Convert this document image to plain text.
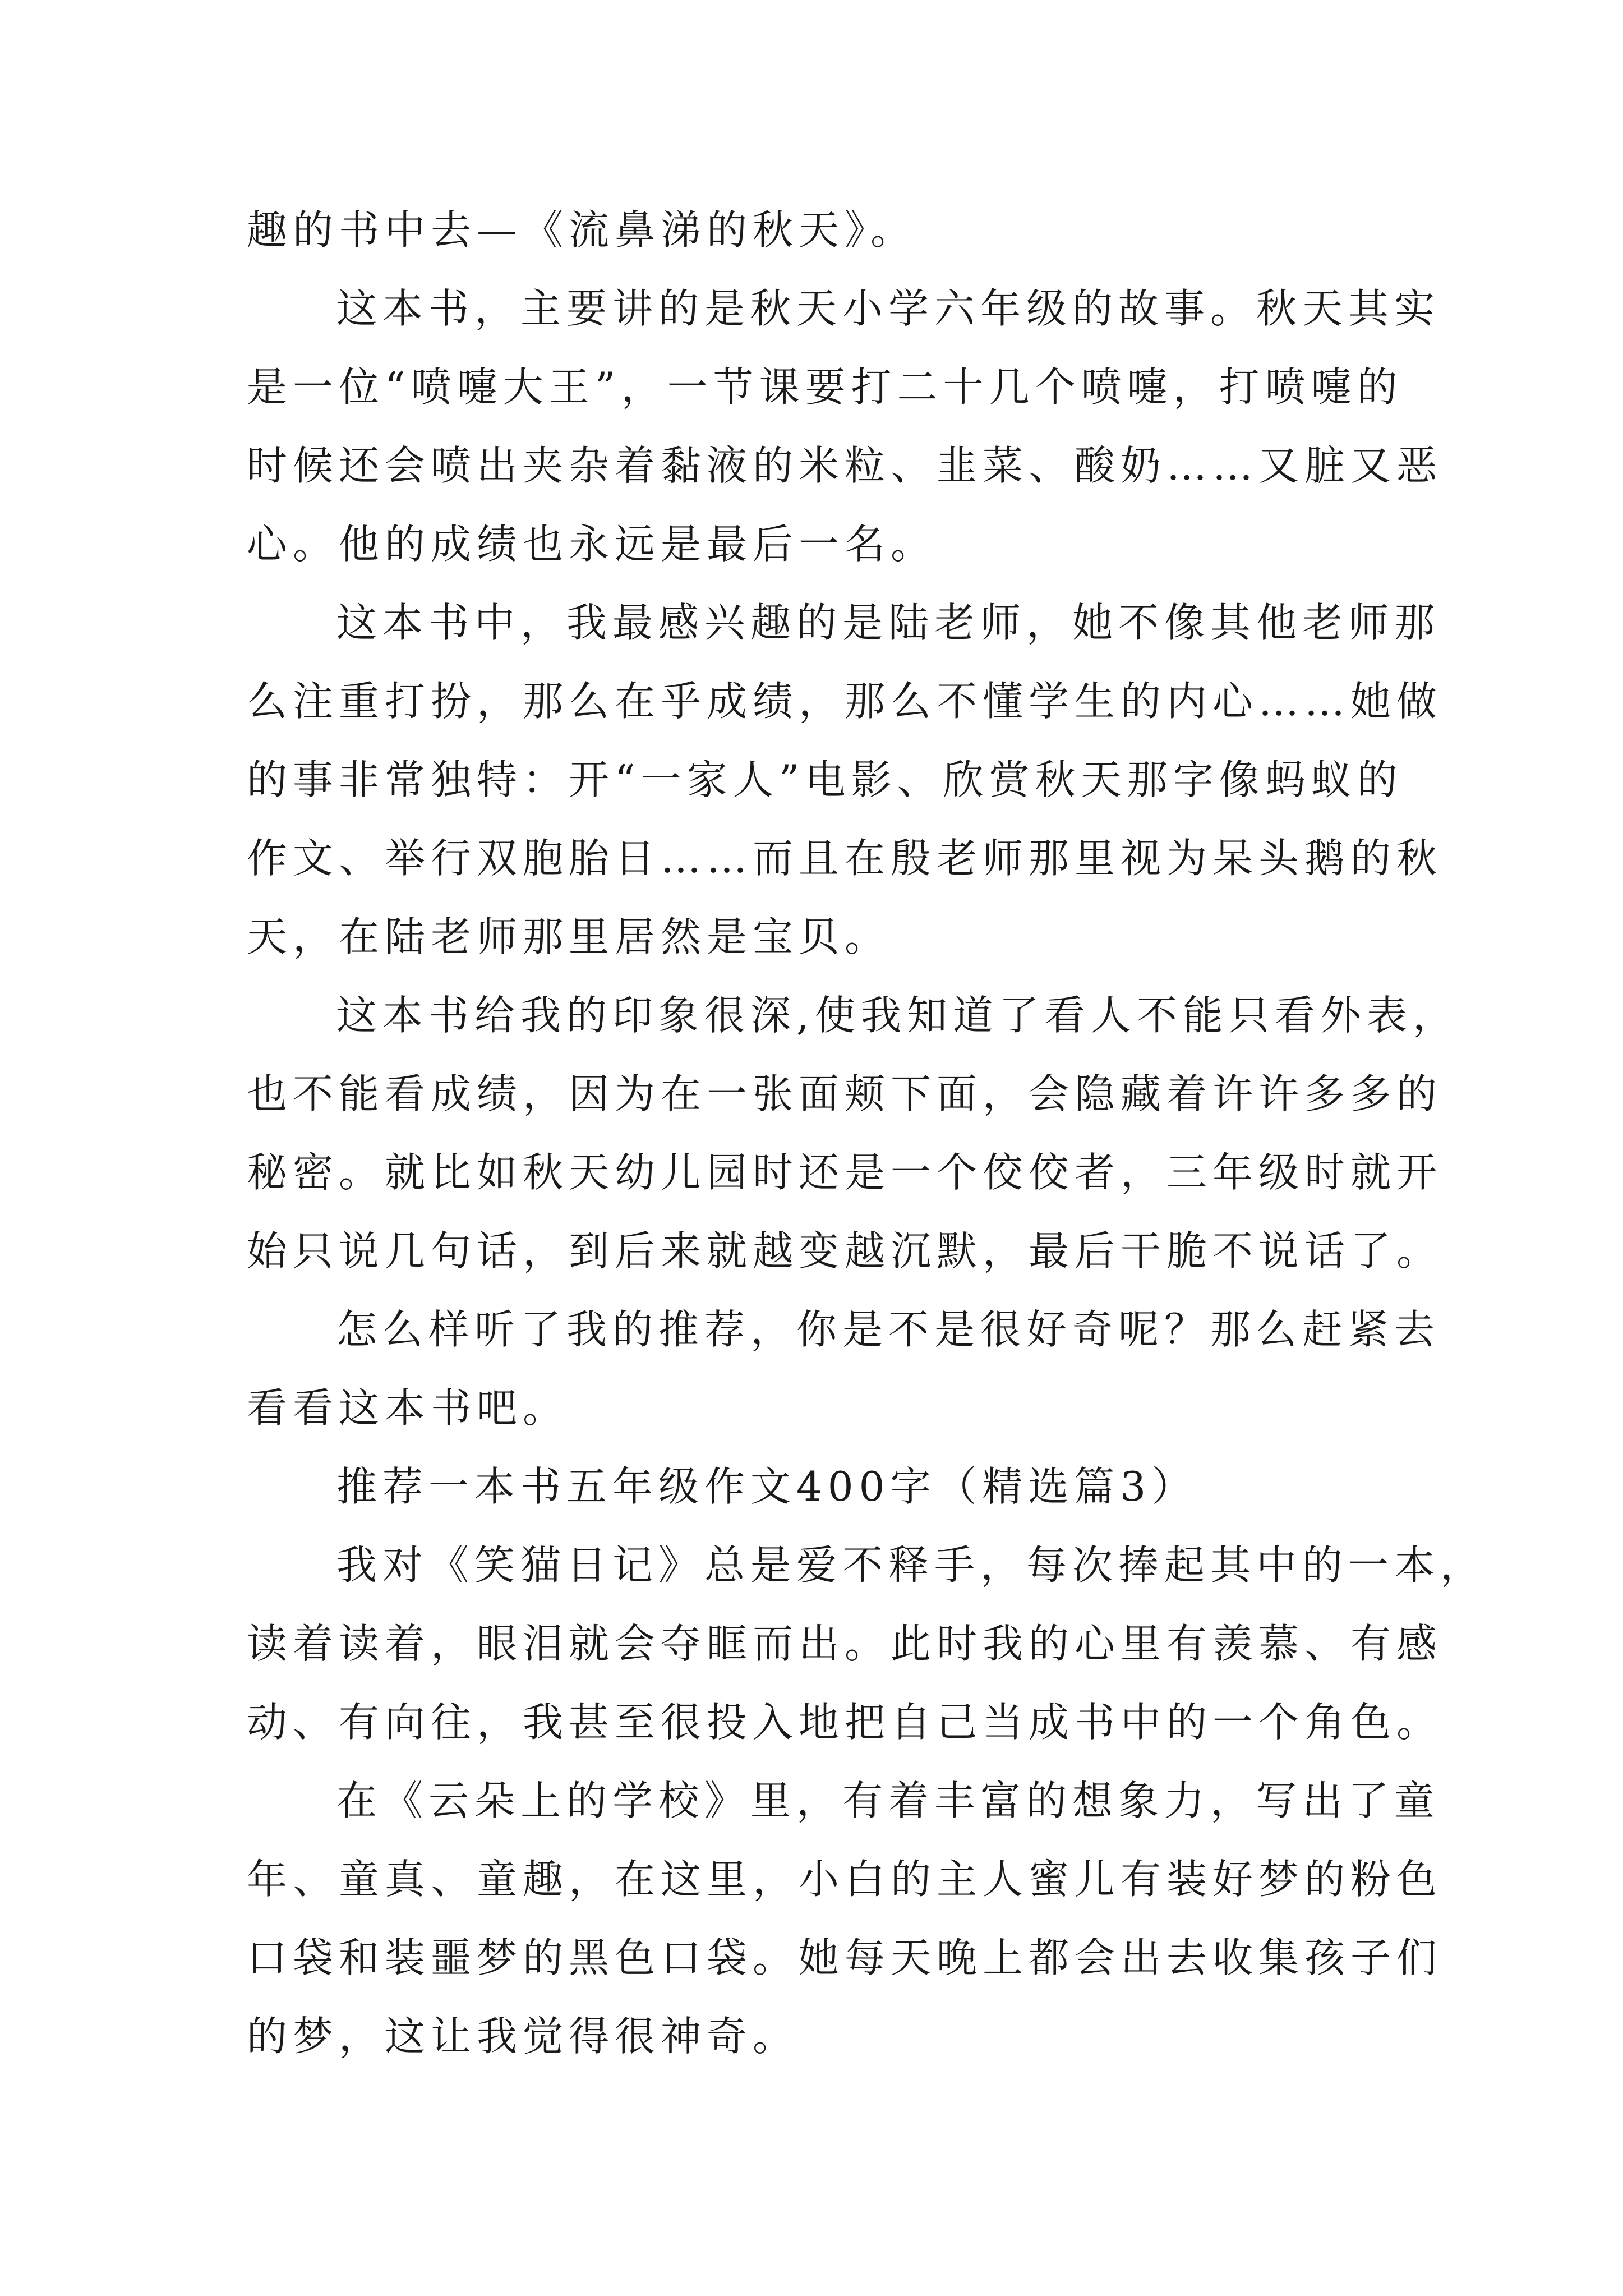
趣的书中去—《流鼻涕的秋天》。
这本书，主要讲的是秋天小学六年级的故事。秋天其实
是一位“喷嚏大王”，一节课要打二十几个喷嚏，打喷嚏的
时候还会喷出夹杂着黏液的米粒、韭菜、酸奶……又脏又恶
心。他的成绩也永远是最后一名。
这本书中，我最感兴趣的是陆老师，她不像其他老师那
么注重打扮，那么在乎成绩，那么不懂学生的内心……她做
的事非常独特：开“一家人”电影、欣赏秋天那字像蚂蚁的
作文、举行双胞胎日……而且在殷老师那里视为呆头鹅的秋
天，在陆老师那里居然是宝贝。
这本书给我的印象很深,使我知道了看人不能只看外表，
也不能看成绩，因为在一张面颊下面，会隐藏着许许多多的
秘密。就比如秋天幼儿园时还是一个佼佼者，三年级时就开
始只说几句话，到后来就越变越沉默，最后干脆不说话了。
怎么样听了我的推荐，你是不是很好奇呢？那么赶紧去
看看这本书吧。
推荐一本书五年级作文400字（精选篇3）
我对《笑猫日记》总是爱不释手，每次捧起其中的一本，
读着读着，眼泪就会夺眶而出。此时我的心里有羡慕、有感
动、有向往，我甚至很投入地把自己当成书中的一个角色。
在《云朵上的学校》里，有着丰富的想象力，写出了童
年、童真、童趣，在这里，小白的主人蜜儿有装好梦的粉色
口袋和装噩梦的黑色口袋。她每天晚上都会出去收集孩子们
的梦，这让我觉得很神奇。
